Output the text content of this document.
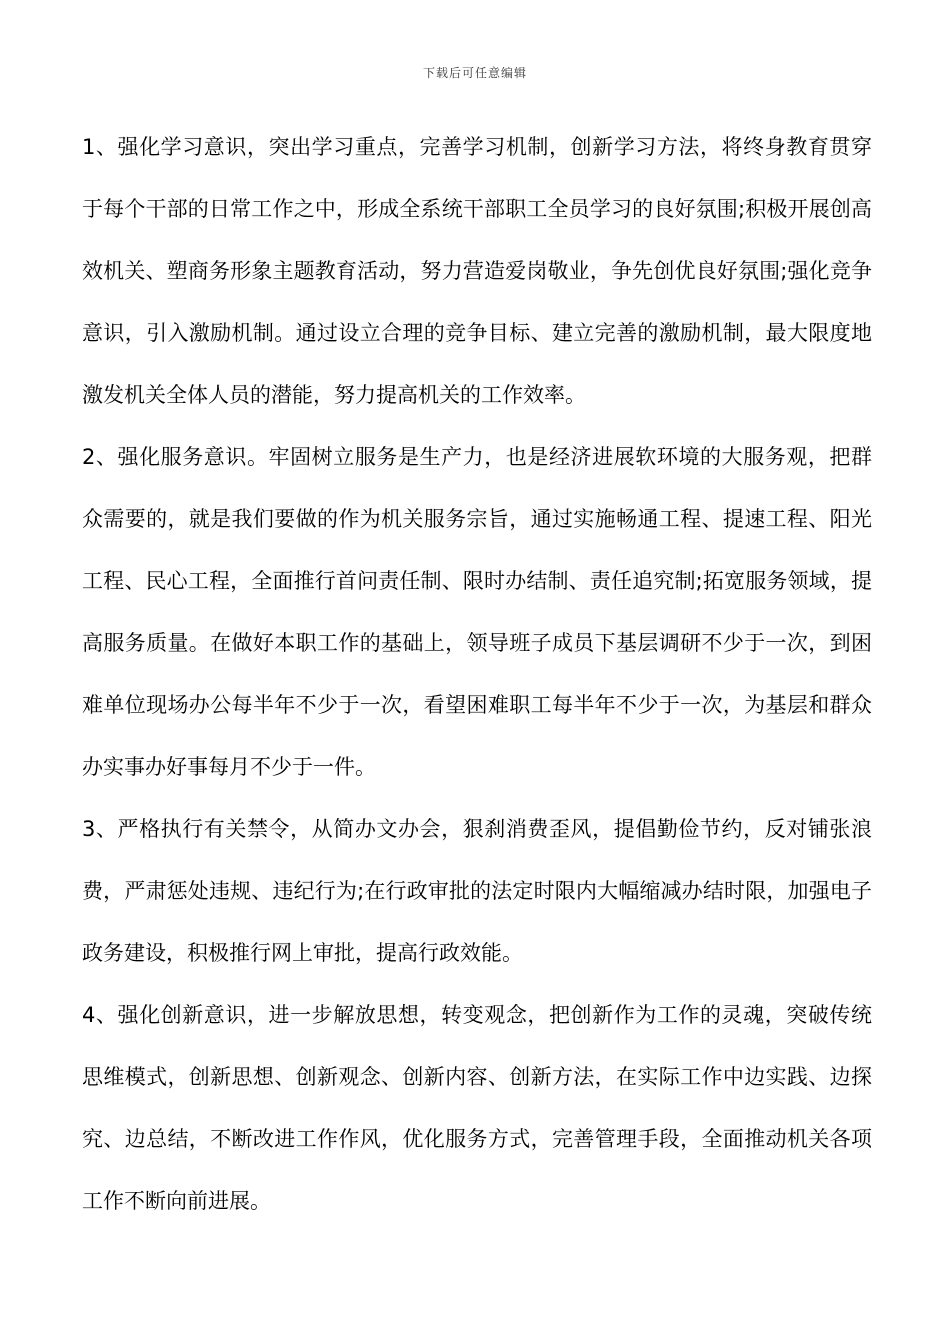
下载后可任意编辑

1、强化学习意识，突出学习重点，完善学习机制，创新学习方法，将终身教育贯穿于每个干部的日常工作之中，形成全系统干部职工全员学习的良好氛围;积极开展创高效机关、塑商务形象主题教育活动，努力营造爱岗敬业，争先创优良好氛围;强化竞争意识，引入激励机制。通过设立合理的竞争目标、建立完善的激励机制，最大限度地激发机关全体人员的潜能，努力提高机关的工作效率。

2、强化服务意识。牢固树立服务是生产力，也是经济进展软环境的大服务观，把群众需要的，就是我们要做的作为机关服务宗旨，通过实施畅通工程、提速工程、阳光工程、民心工程，全面推行首问责任制、限时办结制、责任追究制;拓宽服务领域，提高服务质量。在做好本职工作的基础上，领导班子成员下基层调研不少于一次，到困难单位现场办公每半年不少于一次，看望困难职工每半年不少于一次，为基层和群众办实事办好事每月不少于一件。

3、严格执行有关禁令，从简办文办会，狠刹消费歪风，提倡勤俭节约，反对铺张浪费，严肃惩处违规、违纪行为;在行政审批的法定时限内大幅缩减办结时限，加强电子政务建设，积极推行网上审批，提高行政效能。

4、强化创新意识，进一步解放思想，转变观念，把创新作为工作的灵魂，突破传统思维模式，创新思想、创新观念、创新内容、创新方法，在实际工作中边实践、边探究、边总结，不断改进工作作风，优化服务方式，完善管理手段，全面推动机关各项工作不断向前进展。
